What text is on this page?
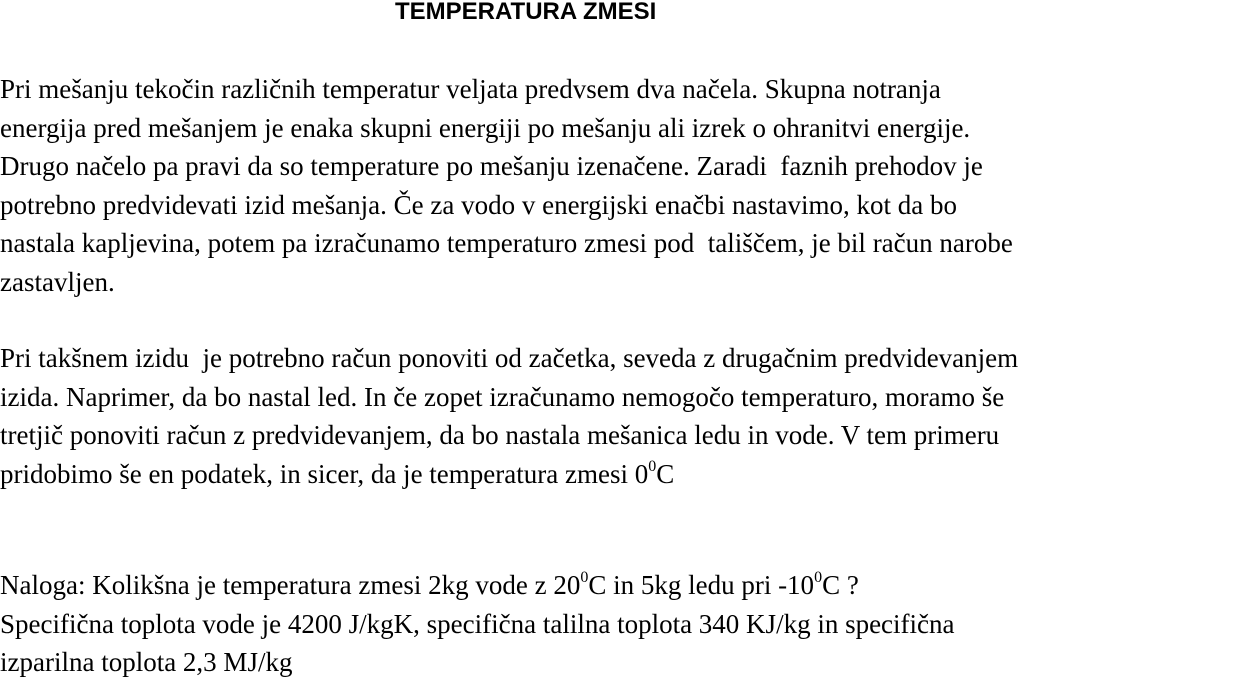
TEMPERATURA ZMESI
Pri mešanju tekočin različnih temperatur veljata predvsem dva načela. Skupna notranja
energija pred mešanjem je enaka skupni energiji po mešanju ali izrek o ohranitvi energije.
Drugo načelo pa pravi da so temperature po mešanju izenačene. Zaradi  faznih prehodov je
potrebno predvidevati izid mešanja. Če za vodo v energijski enačbi nastavimo, kot da bo
nastala kapljevina, potem pa izračunamo temperaturo zmesi pod  tališčem, je bil račun narobe
zastavljen.
Pri takšnem izidu  je potrebno račun ponoviti od začetka, seveda z drugačnim predvidevanjem
izida. Naprimer, da bo nastal led. In če zopet izračunamo nemogočo temperaturo, moramo še
tretjič ponoviti račun z predvidevanjem, da bo nastala mešanica ledu in vode. V tem primeru
pridobimo še en podatek, in sicer, da je temperatura zmesi $0^0C$
Naloga: Kolikšna je temperatura zmesi 2kg vode z $20^0C$ in 5kg ledu pri $-10^0C$ ?
Specifična toplota vode je 4200 J/kgK, specifična talilna toplota 340 KJ/kg in specifična
izparilna toplota 2,3 MJ/kg
